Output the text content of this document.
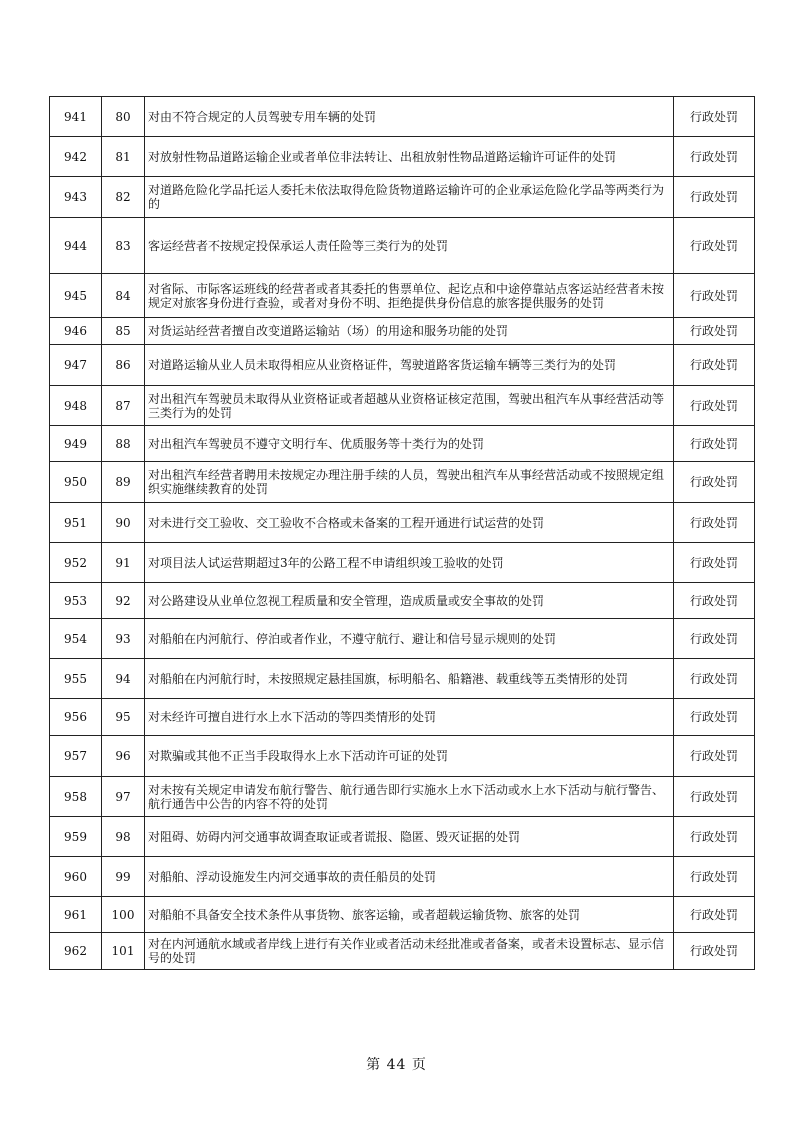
941	80	对由不符合规定的人员驾驶专用车辆的处罚	行政处罚
942	81	对放射性物品道路运输企业或者单位非法转让、出租放射性物品道路运输许可证件的处罚	行政处罚
943	82	对道路危险化学品托运人委托未依法取得危险货物道路运输许可的企业承运危险化学品等两类行为的	行政处罚
944	83	客运经营者不按规定投保承运人责任险等三类行为的处罚	行政处罚
945	84	对省际、市际客运班线的经营者或者其委托的售票单位、起讫点和中途停靠站点客运站经营者未按规定对旅客身份进行查验，或者对身份不明、拒绝提供身份信息的旅客提供服务的处罚	行政处罚
946	85	对货运站经营者擅自改变道路运输站（场）的用途和服务功能的处罚	行政处罚
947	86	对道路运输从业人员未取得相应从业资格证件，驾驶道路客货运输车辆等三类行为的处罚	行政处罚
948	87	对出租汽车驾驶员未取得从业资格证或者超越从业资格证核定范围，驾驶出租汽车从事经营活动等三类行为的处罚	行政处罚
949	88	对出租汽车驾驶员不遵守文明行车、优质服务等十类行为的处罚	行政处罚
950	89	对出租汽车经营者聘用未按规定办理注册手续的人员，驾驶出租汽车从事经营活动或不按照规定组织实施继续教育的处罚	行政处罚
951	90	对未进行交工验收、交工验收不合格或未备案的工程开通进行试运营的处罚	行政处罚
952	91	对项目法人试运营期超过3年的公路工程不申请组织竣工验收的处罚	行政处罚
953	92	对公路建设从业单位忽视工程质量和安全管理，造成质量或安全事故的处罚	行政处罚
954	93	对船舶在内河航行、停泊或者作业，不遵守航行、避让和信号显示规则的处罚	行政处罚
955	94	对船舶在内河航行时，未按照规定悬挂国旗，标明船名、船籍港、载重线等五类情形的处罚	行政处罚
956	95	对未经许可擅自进行水上水下活动的等四类情形的处罚	行政处罚
957	96	对欺骗或其他不正当手段取得水上水下活动许可证的处罚	行政处罚
958	97	对未按有关规定申请发布航行警告、航行通告即行实施水上水下活动或水上水下活动与航行警告、航行通告中公告的内容不符的处罚	行政处罚
959	98	对阻碍、妨碍内河交通事故调查取证或者谎报、隐匿、毁灭证据的处罚	行政处罚
960	99	对船舶、浮动设施发生内河交通事故的责任船员的处罚	行政处罚
961	100	对船舶不具备安全技术条件从事货物、旅客运输，或者超载运输货物、旅客的处罚	行政处罚
962	101	对在内河通航水域或者岸线上进行有关作业或者活动未经批准或者备案，或者未设置标志、显示信号的处罚	行政处罚
第 44 页
